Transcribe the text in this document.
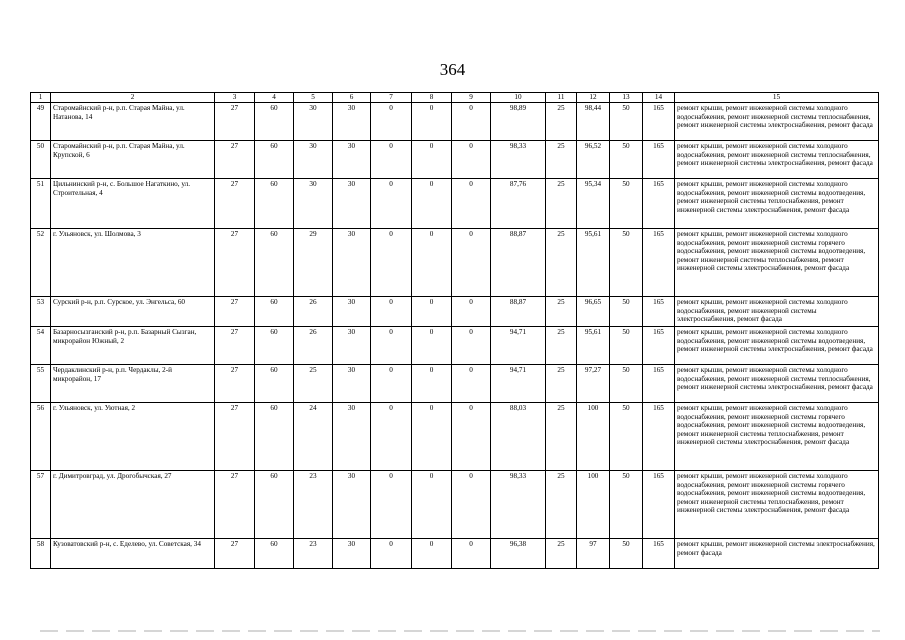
364
1	2	3	4	5	6	7	8	9	10	11	12	13	14	15
49	Старомайнский р-н, р.п. Старая Майна, ул. Натанова, 14	27	60	30	30	0	0	0	98,89	25	98,44	50	165	ремонт крыши, ремонт инженерной системы холодного водоснабжения, ремонт инженерной системы теплоснабжения, ремонт инженерной системы электроснабжения, ремонт фасада
50	Старомайнский р-н, р.п. Старая Майна, ул. Крупской, 6	27	60	30	30	0	0	0	98,33	25	96,52	50	165	ремонт крыши, ремонт инженерной системы холодного водоснабжения, ремонт инженерной системы теплоснабжения, ремонт инженерной системы электроснабжения, ремонт фасада
51	Цильнинский р-н, с. Большое Нагаткино, ул. Строительная, 4	27	60	30	30	0	0	0	87,76	25	95,34	50	165	ремонт крыши, ремонт инженерной системы холодного водоснабжения, ремонт инженерной системы водоотведения, ремонт инженерной системы теплоснабжения, ремонт инженерной системы электроснабжения, ремонт фасада
52	г. Ульяновск, ул. Шолмова, 3	27	60	29	30	0	0	0	88,87	25	95,61	50	165	ремонт крыши, ремонт инженерной системы холодного водоснабжения, ремонт инженерной системы горячего водоснабжения, ремонт инженерной системы водоотведения, ремонт инженерной системы теплоснабжения, ремонт инженерной системы электроснабжения, ремонт фасада
53	Сурский р-н, р.п. Сурское, ул. Энгельса, 60	27	60	26	30	0	0	0	88,87	25	96,65	50	165	ремонт крыши, ремонт инженерной системы холодного водоснабжения, ремонт инженерной системы электроснабжения, ремонт фасада
54	Базарносызганский р-н, р.п. Базарный Сызган, микрорайон Южный, 2	27	60	26	30	0	0	0	94,71	25	95,61	50	165	ремонт крыши, ремонт инженерной системы холодного водоснабжения, ремонт инженерной системы водоотведения, ремонт инженерной системы электроснабжения, ремонт фасада
55	Чердаклинский р-н, р.п. Чердаклы, 2-й микрорайон, 17	27	60	25	30	0	0	0	94,71	25	97,27	50	165	ремонт крыши, ремонт инженерной системы холодного водоснабжения, ремонт инженерной системы теплоснабжения, ремонт инженерной системы электроснабжения, ремонт фасада
56	г. Ульяновск, ул. Уютная, 2	27	60	24	30	0	0	0	88,03	25	100	50	165	ремонт крыши, ремонт инженерной системы холодного водоснабжения, ремонт инженерной системы горячего водоснабжения, ремонт инженерной системы водоотведения, ремонт инженерной системы теплоснабжения, ремонт инженерной системы электроснабжения, ремонт фасада
57	г. Димитровград, ул. Дрогобычская, 27	27	60	23	30	0	0	0	98,33	25	100	50	165	ремонт крыши, ремонт инженерной системы холодного водоснабжения, ремонт инженерной системы горячего водоснабжения, ремонт инженерной системы водоотведения, ремонт инженерной системы теплоснабжения, ремонт инженерной системы электроснабжения, ремонт фасада
58	Кузоватовский р-н, с. Еделево, ул. Советская, 34	27	60	23	30	0	0	0	96,38	25	97	50	165	ремонт крыши, ремонт инженерной системы электроснабжения, ремонт фасада
